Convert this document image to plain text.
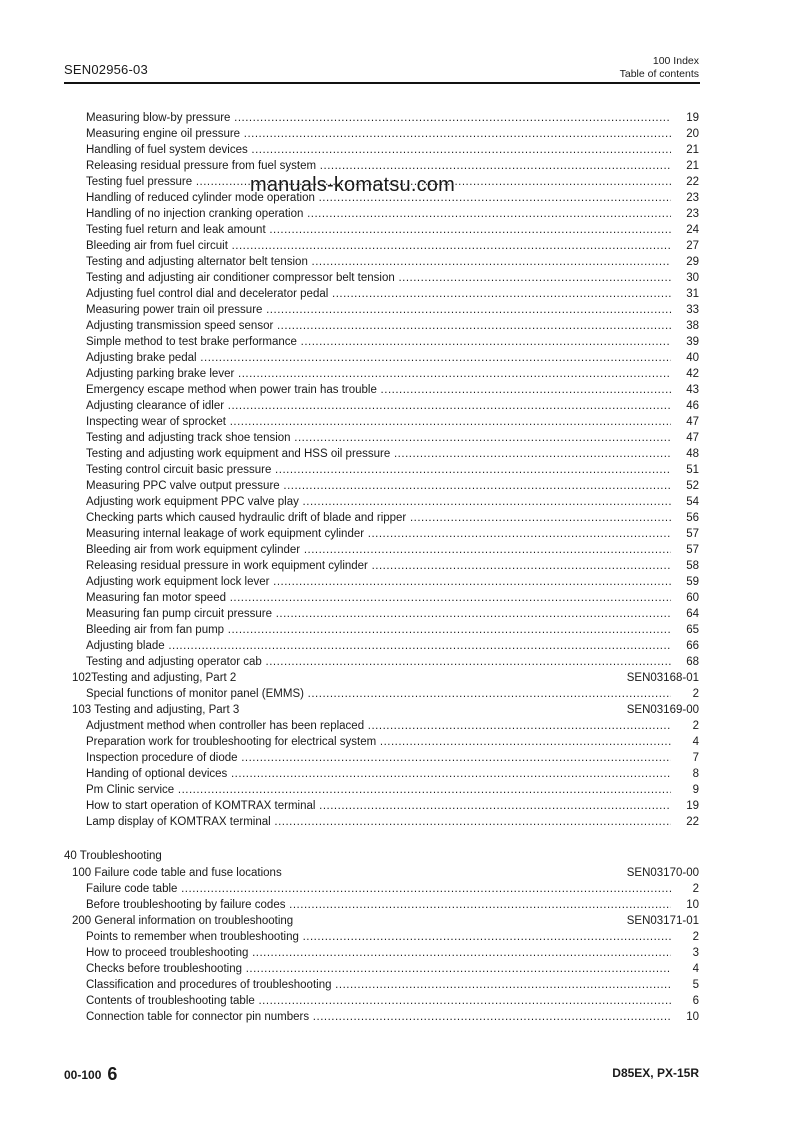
SEN02956-03
100 Index
Table of contents
manuals-komatsu.com
Measuring blow-by pressure .....	19
Measuring engine oil pressure .....	20
Handling of fuel system devices .....	21
Releasing residual pressure from fuel system .....	21
Testing fuel pressure .....	22
Handling of reduced cylinder mode operation .....	23
Handling of no injection cranking operation .....	23
Testing fuel return and leak amount .....	24
Bleeding air from fuel circuit .....	27
Testing and adjusting alternator belt tension .....	29
Testing and adjusting air conditioner compressor belt tension .....	30
Adjusting fuel control dial and decelerator pedal .....	31
Measuring power train oil pressure .....	33
Adjusting transmission speed sensor .....	38
Simple method to test brake performance .....	39
Adjusting brake pedal .....	40
Adjusting parking brake lever .....	42
Emergency escape method when power train has trouble .....	43
Adjusting clearance of idler .....	46
Inspecting wear of sprocket .....	47
Testing and adjusting track shoe tension .....	47
Testing and adjusting work equipment and HSS oil pressure .....	48
Testing control circuit basic pressure .....	51
Measuring PPC valve output pressure .....	52
Adjusting work equipment PPC valve play .....	54
Checking parts which caused hydraulic drift of blade and ripper .....	56
Measuring internal leakage of work equipment cylinder .....	57
Bleeding air from work equipment cylinder .....	57
Releasing residual pressure in work equipment cylinder .....	58
Adjusting work equipment lock lever .....	59
Measuring fan motor speed .....	60
Measuring fan pump circuit pressure .....	64
Bleeding air from fan pump .....	65
Adjusting blade .....	66
Testing and adjusting operator cab .....	68
102Testing and adjusting, Part 2	SEN03168-01
Special functions of monitor panel (EMMS) .....	2
103 Testing and adjusting, Part 3	SEN03169-00
Adjustment method when controller has been replaced .....	2
Preparation work for troubleshooting for electrical system .....	4
Inspection procedure of diode .....	7
Handing of optional devices .....	8
Pm Clinic service .....	9
How to start operation of KOMTRAX terminal .....	19
Lamp display of KOMTRAX terminal .....	22
40 Troubleshooting
100 Failure code table and fuse locations	SEN03170-00
Failure code table .....	2
Before troubleshooting by failure codes .....	10
200 General information on troubleshooting	SEN03171-01
Points to remember when troubleshooting .....	2
How to proceed troubleshooting .....	3
Checks before troubleshooting .....	4
Classification and procedures of troubleshooting .....	5
Contents of troubleshooting table .....	6
Connection table for connector pin numbers .....	10
00-100 6	D85EX, PX-15R
